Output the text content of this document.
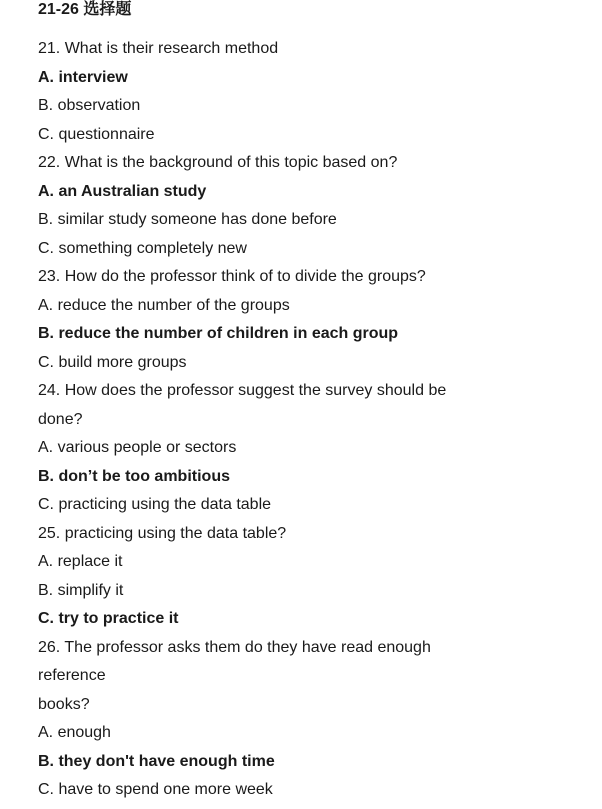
21-26 选择题
21. What is their research method
A. interview
B. observation
C. questionnaire
22. What is the background of this topic based on?
A. an Australian study
B. similar study someone has done before
C. something completely new
23. How do the professor think of to divide the groups?
A. reduce the number of the groups
B. reduce the number of children in each group
C. build more groups
24. How does the professor suggest the survey should be
done?
A. various people or sectors
B. don’t be too ambitious
C. practicing using the data table
25. practicing using the data table?
A. replace it
B. simplify it
C. try to practice it
26. The professor asks them do they have read enough
reference
books?
A. enough
B. they don't have enough time
C. have to spend one more week
